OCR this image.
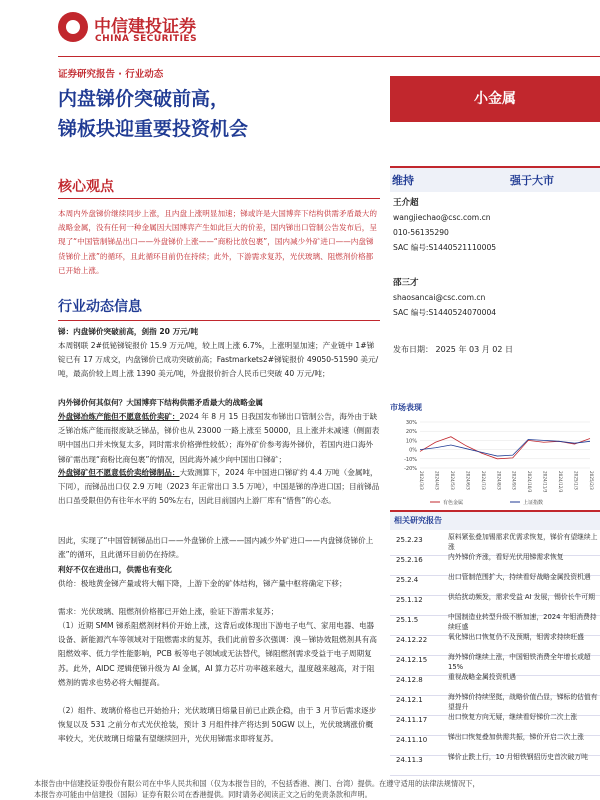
中信建投证券
CHINA SECURITIES
证券研究报告 · 行业动态
内盘锑价突破前高，
锑板块迎重要投资机会
小金属
核心观点
本周内外盘锑价继续同步上涨，且内盘上涨明显加速；锑或许是大国博弈下结构供需矛盾最大的战略金属，没有任何一种金属因大国博弈产生如此巨大的价差，国内锑出口管制公告发布后，呈现了“中国管制锑品出口——外盘锑价上涨——“商粉比放包裹”，国内减少外矿进口——内盘锑货锑价上涨”的循环，且此循环目前仍在持续；此外，下游需求复苏，光伏玻璃、阻燃剂价格都已开始上涨。
行业动态信息
锑：内盘锑价突破前高，剑指 20 万元/吨
本周钢联 2#低铋锑锭报价 15.9 万元/吨，较上周上涨 6.7%，上涨明显加速；产业链中 1#锑锭已有 17 万成交，内盘锑价已成功突破前高；Fastmarkets2#锑锭报价 49050-51590 美元/吨，最高价较上周上涨 1390 美元/吨，外盘报价折合人民币已突破 40 万元/吨；
内外锑价何其似何？大国博弈下结构供需矛盾最大的战略金属
外盘锑冶炼产能但不愿意低价卖矿：2024 年 8 月 15 日我国发布锑出口管制公告，海外由于缺乏锑冶炼产能而报废缺乏锑品，锑价也从 23000 一路上涨至 50000，且上涨并未减速（侧面表明中国出口并未恢复太多，同时需求价格弹性较低）；海外矿价参考海外锑价，若国内进口海外锑矿需出现“商粉比商包裹”的情况，因此海外减少向中国出口锑矿；
外盘锑矿但不愿意低价卖给锑制品：大致测算下，2024 年中国进口锑矿约 4.4 万吨（金属吨，下同），而锑品出口仅 2.9 万吨（2023 年正常出口 3.5 万吨），中国是锑的净进口国；目前锑品出口虽受限但仍有往年水平的 50%左右，因此目前国内上游厂库有“惜售”的心态。
因此，实现了“中国管制锑品出口——外盘锑价上涨——国内减少外矿进口——内盘锑货锑价上涨”的循环，且此循环目前仍在持续。
利好不仅在进出口，供需也有变化
供给：极地黄金锑产量或将大幅下降，上游下金的矿体结构，锑产量中枢将确定下移；
需求：光伏玻璃、阻燃剂价格都已开始上涨，验证下游需求复苏；
（1）近期 SMM 锑系阻燃剂材料价开始上涨，这背后或体现出下游电子电气、家用电器、电器设备、新能源汽车等领域对于阻燃需求的复苏，我们此前曾多次强调：溴－锑协效阻燃剂具有高阻燃效率、低力学性能影响，PCB 板等电子领域或无法替代，锑阻燃剂需求受益于电子周期复苏。此外，AIDC 逻辑使锑升级为 AI 金属，AI 算力芯片功率越来越大，温度越来越高，对于阻燃剂的需求也势必将大幅提高。
（2）组件、玻璃价格也已开始抬升；光伏玻璃日熔量目前已止跌企稳，由于 3 月节后需求逐步恢复以及 531 之前分布式光伏抢装，预计 3 月组件排产将达到 50GW 以上，光伏玻璃涨价概率较大，光伏玻璃日熔量有望继续回升，光伏用锑需求即将复苏。
维持	强于大市
王介超
wangjiechao@csc.com.cn
010-56135290
SAC 编号:S1440521110005
邵三才
shaosancai@csc.com.cn
SAC 编号:S1440524070004
发布日期： 2025 年 03 月 02 日
市场表现
30%
20%
10%
0%
-10%
-20%
2024/3/3 2024/4/3 2024/5/3 2024/6/3 2024/7/3 2024/8/3 2024/9/3 2024/10/3 2024/11/3 2024/12/3 2025/1/3 2025/2/3
有色金属	上证指数
相关研究报告
25.2.23	原料紧张叠加锡需求优需求恢复，锑价有望继续上涨
25.2.16	内外锑价齐涨，看好光伏用锑需求恢复
25.2.4	出口管制范围扩大，持续看好战略金属投资机遇
25.1.12	供给扰动频发，需求受益 AI 发展，锡价长牛可期
25.1.5	中国制造业转型升级不断加速，2024 年钼消费持续旺盛
24.12.22	氧化锑出口恢复仍不及预期，钼需求持续旺盛
24.12.15	海外锑价继续上涨，中国钼铁消费全年增长或超 15%
24.12.8	重视战略金属投资机遇
24.12.1	海外锑价持续坚挺，战略价值凸显，锑标的估值有望提升
24.11.17	出口恢复方向无疑，继续看好锑价二次上涨
24.11.10	锑出口恢复叠加供需共振，锑价开启二次上涨
24.11.3	锑价止跌上行，10 月钼铁钢招历史首次破万吨
本报告由中信建投证券股份有限公司在中华人民共和国（仅为本报告目的，不包括香港、澳门、台湾）提供。在遵守适用的法律法规情况下，
本报告亦可能由中信建投（国际）证券有限公司在香港提供。同时请务必阅读正文之后的免责条款和声明。
